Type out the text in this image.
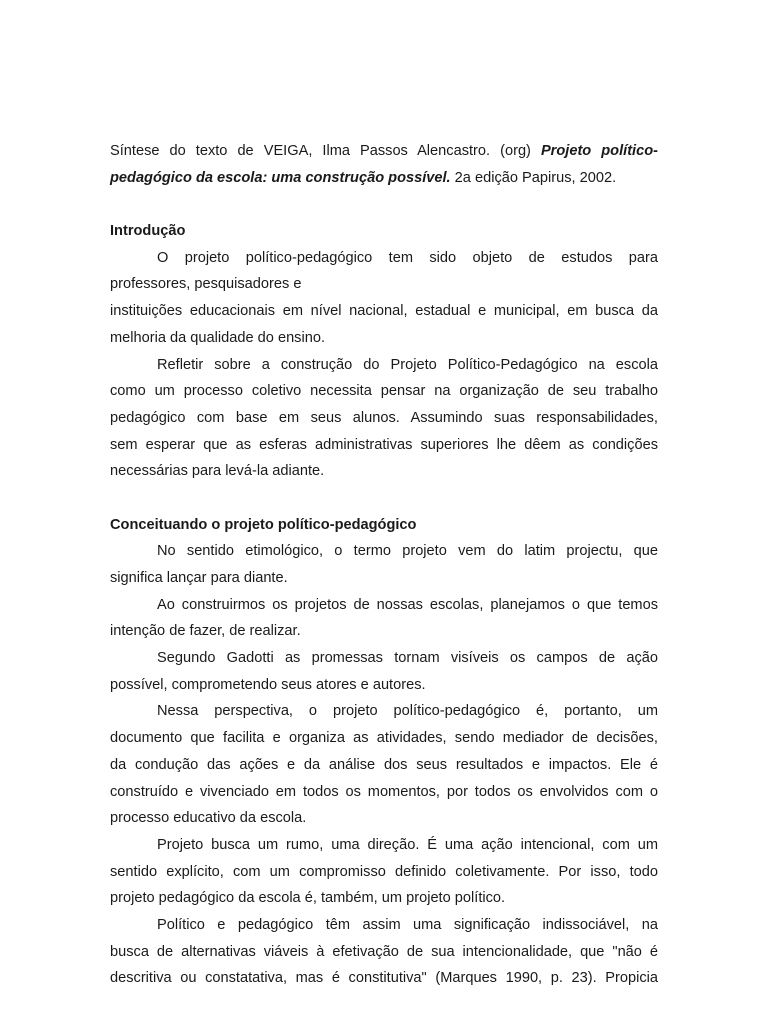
Síntese do texto de VEIGA, Ilma Passos Alencastro. (org) Projeto político-
pedagógico da escola: uma construção possível. 2a edição Papirus, 2002.
Introdução
O projeto político-pedagógico tem sido objeto de estudos para
professores, pesquisadores e
instituições educacionais em nível nacional, estadual e municipal, em busca da
melhoria da qualidade do ensino.
Refletir sobre a construção do Projeto Político-Pedagógico na escola
como um processo coletivo necessita pensar na organização de seu trabalho
pedagógico com base em seus alunos. Assumindo suas responsabilidades,
sem esperar que as esferas administrativas superiores lhe dêem as condições
necessárias para levá-la adiante.
Conceituando o projeto político-pedagógico
No sentido etimológico, o termo projeto vem do latim projectu, que
significa lançar para diante.
Ao construirmos os projetos de nossas escolas, planejamos o que temos
intenção de fazer, de realizar.
Segundo Gadotti as promessas tornam visíveis os campos de ação
possível, comprometendo seus atores e autores.
Nessa perspectiva, o projeto político-pedagógico é, portanto, um
documento que facilita e organiza as atividades, sendo mediador de decisões,
da condução das ações e da análise dos seus resultados e impactos. Ele é
construído e vivenciado em todos os momentos, por todos os envolvidos com o
processo educativo da escola.
Projeto busca um rumo, uma direção. É uma ação intencional, com um
sentido explícito, com um compromisso definido coletivamente. Por isso, todo
projeto pedagógico da escola é, também, um projeto político.
Político e pedagógico têm assim uma significação indissociável, na
busca de alternativas viáveis à efetivação de sua intencionalidade, que "não é
descritiva ou constatativa, mas é constitutiva" (Marques 1990, p. 23). Propicia
